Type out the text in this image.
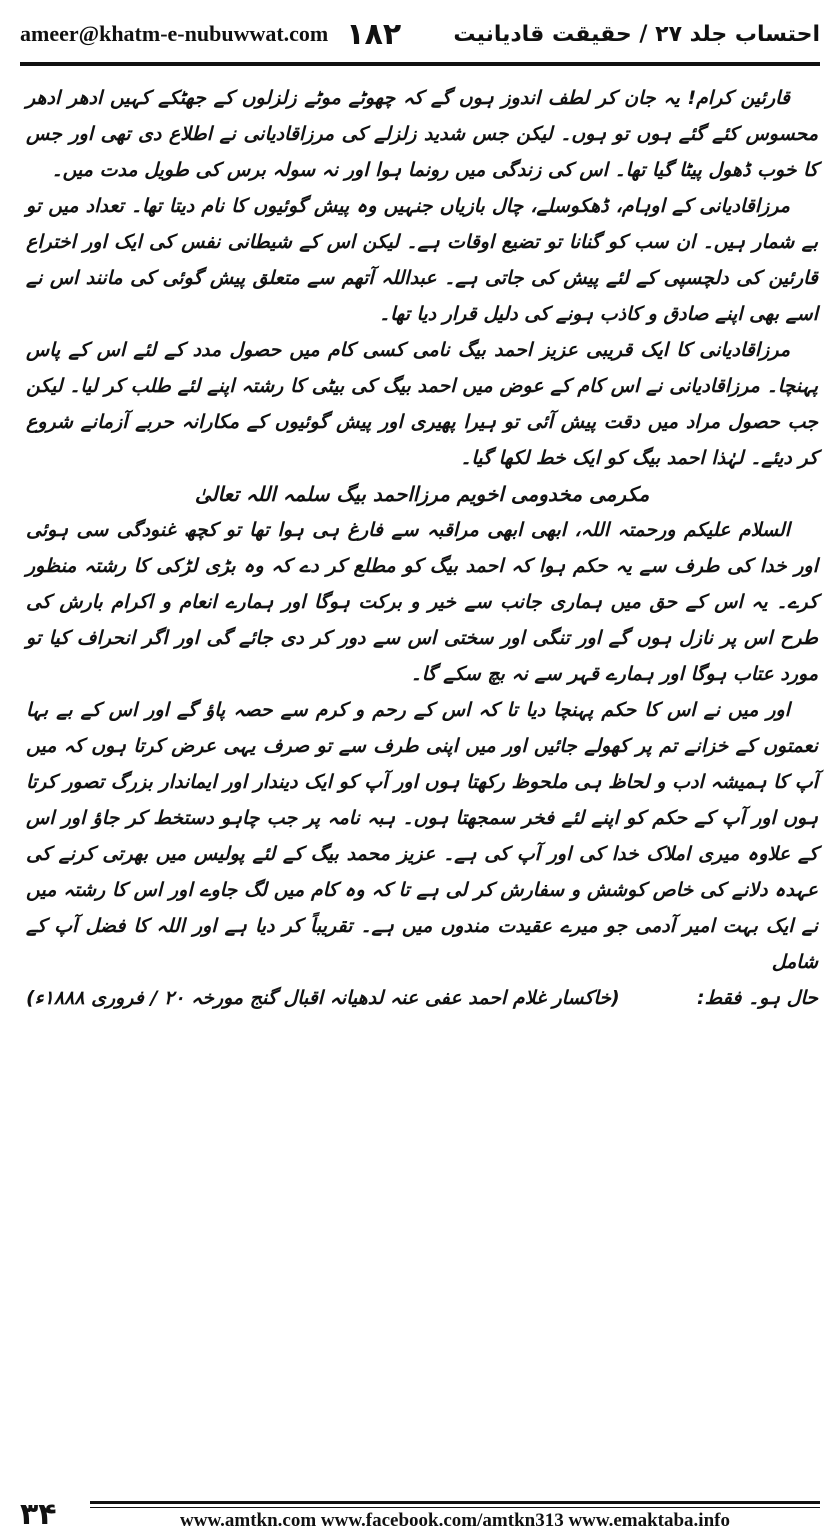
ameer@khatm-e-nubuwwat.com ۱۸۲ احتساب جلد ۲۷ / حقیقت قادیانیت

قارئین کرام! یہ جان کر لطف اندوز ہوں گے کہ چھوٹے موٹے زلزلوں کے جھٹکے کہیں ادھر ادھر محسوس کئے گئے ہوں تو ہوں۔ لیکن جس شدید زلزلے کی مرزاقادیانی نے اطلاع دی تھی اور جس کا خوب ڈھول پیٹا گیا تھا۔ اس کی زندگی میں رونما ہوا اور نہ سولہ برس کی طویل مدت میں۔

مرزاقادیانی کے اوہام، ڈھکوسلے، چال بازیاں جنہیں وہ پیش گوئیوں کا نام دیتا تھا۔ تعداد میں تو بے شمار ہیں۔ ان سب کو گنانا تو تضیع اوقات ہے۔ لیکن اس کے شیطانی نفس کی ایک اور اختراع قارئین کی دلچسپی کے لئے پیش کی جاتی ہے۔ عبداللہ آتھم سے متعلق پیش گوئی کی مانند اس نے اسے بھی اپنے صادق و کاذب ہونے کی دلیل قرار دیا تھا۔

مرزاقادیانی کا ایک قریبی عزیز احمد بیگ نامی کسی کام میں حصول مدد کے لئے اس کے پاس پہنچا۔ مرزاقادیانی نے اس کام کے عوض میں احمد بیگ کی بیٹی کا رشتہ اپنے لئے طلب کر لیا۔ لیکن جب حصول مراد میں دقت پیش آئی تو ہیرا پھیری اور پیش گوئیوں کے مکارانہ حربے آزمانے شروع کر دیئے۔ لہٰذا احمد بیگ کو ایک خط لکھا گیا۔

مکرمی مخدومی اخویم مرزااحمد بیگ سلمہ اللہ تعالیٰ

السلام علیکم ورحمتہ اللہ، ابھی ابھی مراقبہ سے فارغ ہی ہوا تھا تو کچھ غنودگی سی ہوئی اور خدا کی طرف سے یہ حکم ہوا کہ احمد بیگ کو مطلع کر دے کہ وہ بڑی لڑکی کا رشتہ منظور کرے۔ یہ اس کے حق میں ہماری جانب سے خیر و برکت ہوگا اور ہمارے انعام و اکرام بارش کی طرح اس پر نازل ہوں گے اور تنگی اور سختی اس سے دور کر دی جائے گی اور اگر انحراف کیا تو مورد عتاب ہوگا اور ہمارے قہر سے نہ بچ سکے گا۔

اور میں نے اس کا حکم پہنچا دیا تا کہ اس کے رحم و کرم سے حصہ پاؤ گے اور اس کے بے بہا نعمتوں کے خزانے تم پر کھولے جائیں اور میں اپنی طرف سے تو صرف یہی عرض کرتا ہوں کہ میں آپ کا ہمیشہ ادب و لحاظ ہی ملحوظ رکھتا ہوں اور آپ کو ایک دیندار اور ایماندار بزرگ تصور کرتا ہوں اور آپ کے حکم کو اپنے لئے فخر سمجھتا ہوں۔ ہبہ نامہ پر جب چاہو دستخط کر جاؤ اور اس کے علاوہ میری املاک خدا کی اور آپ کی ہے۔ عزیز محمد بیگ کے لئے پولیس میں بھرتی کرنے کی عہدہ دلانے کی خاص کوشش و سفارش کر لی ہے تا کہ وہ کام میں لگ جاوے اور اس کا رشتہ میں نے ایک بہت امیر آدمی جو میرے عقیدت مندوں میں ہے۔ تقریباً کر دیا ہے اور اللہ کا فضل آپ کے شامل

حال ہو۔ فقط:
(خاکسار غلام احمد عفی عنہ لدھیانہ اقبال گنج مورخہ ۲۰ / فروری ۱۸۸۸ء)

۳۴	www.amtkn.com www.facebook.com/amtkn313 www.emaktaba.info
